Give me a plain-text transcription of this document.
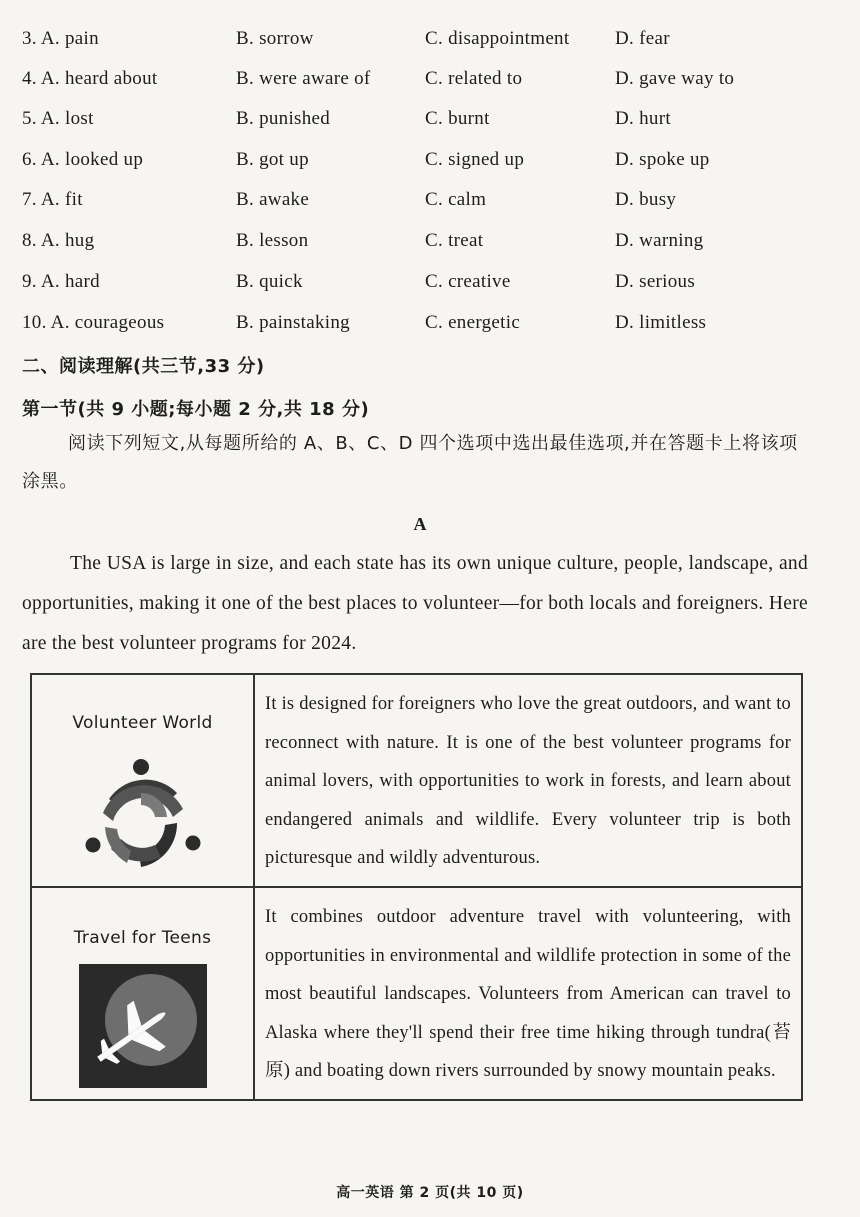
3. A. pain	B. sorrow	C. disappointment D. fear
4. A. heard about	B. were aware of	C. related to	D. gave way to
5. A. lost	B. punished	C. burnt	D. hurt
6. A. looked up	B. got up	C. signed up	D. spoke up
7. A. fit	B. awake	C. calm	D. busy
8. A. hug	B. lesson	C. treat	D. warning
9. A. hard	B. quick	C. creative	D. serious
10. A. courageous	B. painstaking	C. energetic	D. limitless
二、阅读理解(共三节,33 分)
第一节(共 9 小题;每小题 2 分,共 18 分)
阅读下列短文,从每题所给的 A、B、C、D 四个选项中选出最佳选项,并在答题卡上将该项涂黑。
A
The USA is large in size, and each state has its own unique culture, people, landscape, and opportunities, making it one of the best places to volunteer—for both locals and foreigners. Here are the best volunteer programs for 2024.
Volunteer World	It is designed for foreigners who love the great outdoors, and want to reconnect with nature. It is one of the best volunteer programs for animal lovers, with opportunities to work in forests, and learn about endangered animals and wildlife. Every volunteer trip is both picturesque and wildly adventurous.

Travel for Teens	It combines outdoor adventure travel with volunteering, with opportunities in environmental and wildlife protection in some of the most beautiful landscapes. Volunteers from American can travel to Alaska where they'll spend their free time hiking through tundra(苔原) and boating down rivers surrounded by snowy mountain peaks.
高一英语 第 2 页(共 10 页)
